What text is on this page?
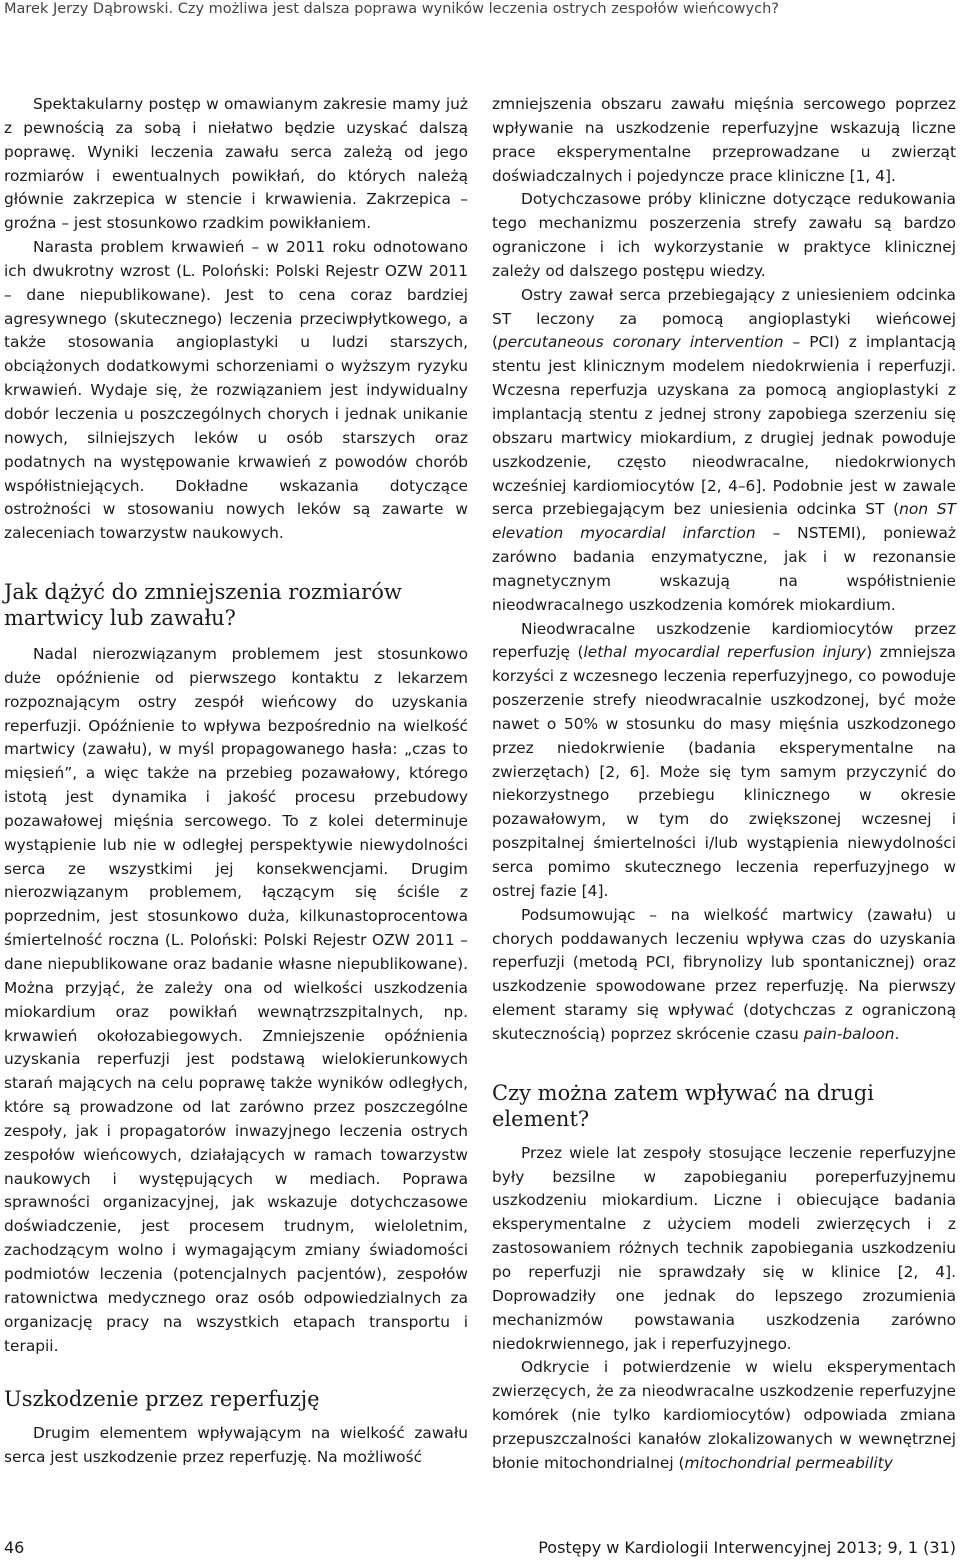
Marek Jerzy Dąbrowski. Czy możliwa jest dalsza poprawa wyników leczenia ostrych zespołów wieńcowych?

Spektakularny postęp w omawianym zakresie mamy już z pewnością za sobą i niełatwo będzie uzyskać dalszą poprawę. Wyniki leczenia zawału serca zależą od jego rozmiarów i ewentualnych powikłań, do których należą głównie zakrzepica w stencie i krwawienia. Zakrzepica – groźna – jest stosunkowo rzadkim powikłaniem.

Narasta problem krwawień – w 2011 roku odnotowano ich dwukrotny wzrost (L. Polоński: Polski Rejestr OZW 2011 – dane niepublikowane). Jest to cena coraz bardziej agresywnego (skutecznego) leczenia przeciwpłytkowego, a także stosowania angioplastyki u ludzi starszych, obciążonych dodatkowymi schorzeniami o wyższym ryzyku krwawień. Wydaje się, że rozwiązaniem jest indywidualny dobór leczenia u poszczególnych chorych i jednak unikanie nowych, silniejszych leków u osób starszych oraz podatnych na występowanie krwawień z powodów chorób współistniejących. Dokładne wskazania dotyczące ostrożności w stosowaniu nowych leków są zawarte w zaleceniach towarzystw naukowych.

Jak dążyć do zmniejszenia rozmiarów martwicy lub zawału?

Nadal nierozwiązanym problemem jest stosunkowo duże opóźnienie od pierwszego kontaktu z lekarzem rozpoznającym ostry zespół wieńcowy do uzyskania reperfuzji. Opóźnienie to wpływa bezpośrednio na wielkość martwicy (zawału), w myśl propagowanego hasła: „czas to mięsień”, a więc także na przebieg pozawałowy, którego istotą jest dynamika i jakość procesu przebudowy pozawałowej mięśnia sercowego. To z kolei determinuje wystąpienie lub nie w odległej perspektywie niewydolności serca ze wszystkimi jej konsekwencjami. Drugim nierozwiązanym problemem, łączącym się ściśle z poprzednim, jest stosunkowo duża, kilkunastoprocentowa śmiertelność roczna (L. Poloński: Polski Rejestr OZW 2011 – dane niepublikowane oraz badanie własne niepublikowane). Można przyjąć, że zależy ona od wielkości uszkodzenia miokardium oraz powikłań wewnątrzszpitalnych, np. krwawień okołozabiegowych. Zmniejszenie opóźnienia uzyskania reperfuzji jest podstawą wielokierunkowych starań mających na celu poprawę także wyników odległych, które są prowadzone od lat zarówno przez poszczególne zespoły, jak i propagatorów inwazyjnego leczenia ostrych zespołów wieńcowych, działających w ramach towarzystw naukowych i występujących w mediach. Poprawa sprawności organizacyjnej, jak wskazuje dotychczasowe doświadczenie, jest procesem trudnym, wieloletnim, zachodzącym wolno i wymagającym zmiany świadomości podmiotów leczenia (potencjalnych pacjentów), zespołów ratownictwa medycznego oraz osób odpowiedzialnych za organizację pracy na wszystkich etapach transportu i terapii.

Uszkodzenie przez reperfuzję

Drugim elementem wpływającym na wielkość zawału serca jest uszkodzenie przez reperfuzję. Na możliwość

zmniejszenia obszaru zawału mięśnia sercowego poprzez wpływanie na uszkodzenie reperfuzyjne wskazują liczne prace eksperymentalne przeprowadzane u zwierząt doświadczalnych i pojedyncze prace kliniczne [1, 4].

Dotychczasowe próby kliniczne dotyczące redukowania tego mechanizmu poszerzenia strefy zawału są bardzo ograniczone i ich wykorzystanie w praktyce klinicznej zależy od dalszego postępu wiedzy.

Ostry zawał serca przebiegający z uniesieniem odcinka ST leczony za pomocą angioplastyki wieńcowej (percutaneous coronary intervention – PCI) z implantacją stentu jest klinicznym modelem niedokrwienia i reperfuzji. Wczesna reperfuzja uzyskana za pomocą angioplastyki z implantacją stentu z jednej strony zapobiega szerzeniu się obszaru martwicy miokardium, z drugiej jednak powoduje uszkodzenie, często nieodwracalne, niedokrwionych wcześniej kardiomiocytów [2, 4–6]. Podobnie jest w zawale serca przebiegającym bez uniesienia odcinka ST (non ST elevation myocardial infarction – NSTEMI), ponieważ zarówno badania enzymatyczne, jak i w rezonansie magnetycznym wskazują na współistnienie nieodwracalnego uszkodzenia komórek miokardium.

Nieodwracalne uszkodzenie kardiomiocytów przez reperfuzję (lethal myocardial reperfusion injury) zmniejsza korzyści z wczesnego leczenia reperfuzyjnego, co powoduje poszerzenie strefy nieodwracalnie uszkodzonej, być może nawet o 50% w stosunku do masy mięśnia uszkodzonego przez niedokrwienie (badania eksperymentalne na zwierzętach) [2, 6]. Może się tym samym przyczynić do niekorzystnego przebiegu klinicznego w okresie pozawałowym, w tym do zwiększonej wczesnej i poszpitalnej śmiertelności i/lub wystąpienia niewydolności serca pomimo skutecznego leczenia reperfuzyjnego w ostrej fazie [4].

Podsumowując – na wielkość martwicy (zawału) u chorych poddawanych leczeniu wpływa czas do uzyskania reperfuzji (metodą PCI, fibrynolizy lub spontanicznej) oraz uszkodzenie spowodowane przez reperfuzję. Na pierwszy element staramy się wpływać (dotychczas z ograniczoną skutecznością) poprzez skrócenie czasu pain-baloon.

Czy można zatem wpływać na drugi element?

Przez wiele lat zespoły stosujące leczenie reperfuzyjne były bezsilne w zapobieganiu poreperfuzyjnemu uszkodzeniu miokardium. Liczne i obiecujące badania eksperymentalne z użyciem modeli zwierzęcych i z zastosowaniem różnych technik zapobiegania uszkodzeniu po reperfuzji nie sprawdzały się w klinice [2, 4]. Doprowadziły one jednak do lepszego zrozumienia mechanizmów powstawania uszkodzenia zarówno niedokrwiennego, jak i reperfuzyjnego.

Odkrycie i potwierdzenie w wielu eksperymentach zwierzęcych, że za nieodwracalne uszkodzenie reperfuzyjne komórek (nie tylko kardiomiocytów) odpowiada zmiana przepuszczalności kanałów zlokalizowanych w wewnętrznej błonie mitochondrialnej (mitochondrial permeability

46	Postępy w Kardiologii Interwencyjnej 2013; 9, 1 (31)
